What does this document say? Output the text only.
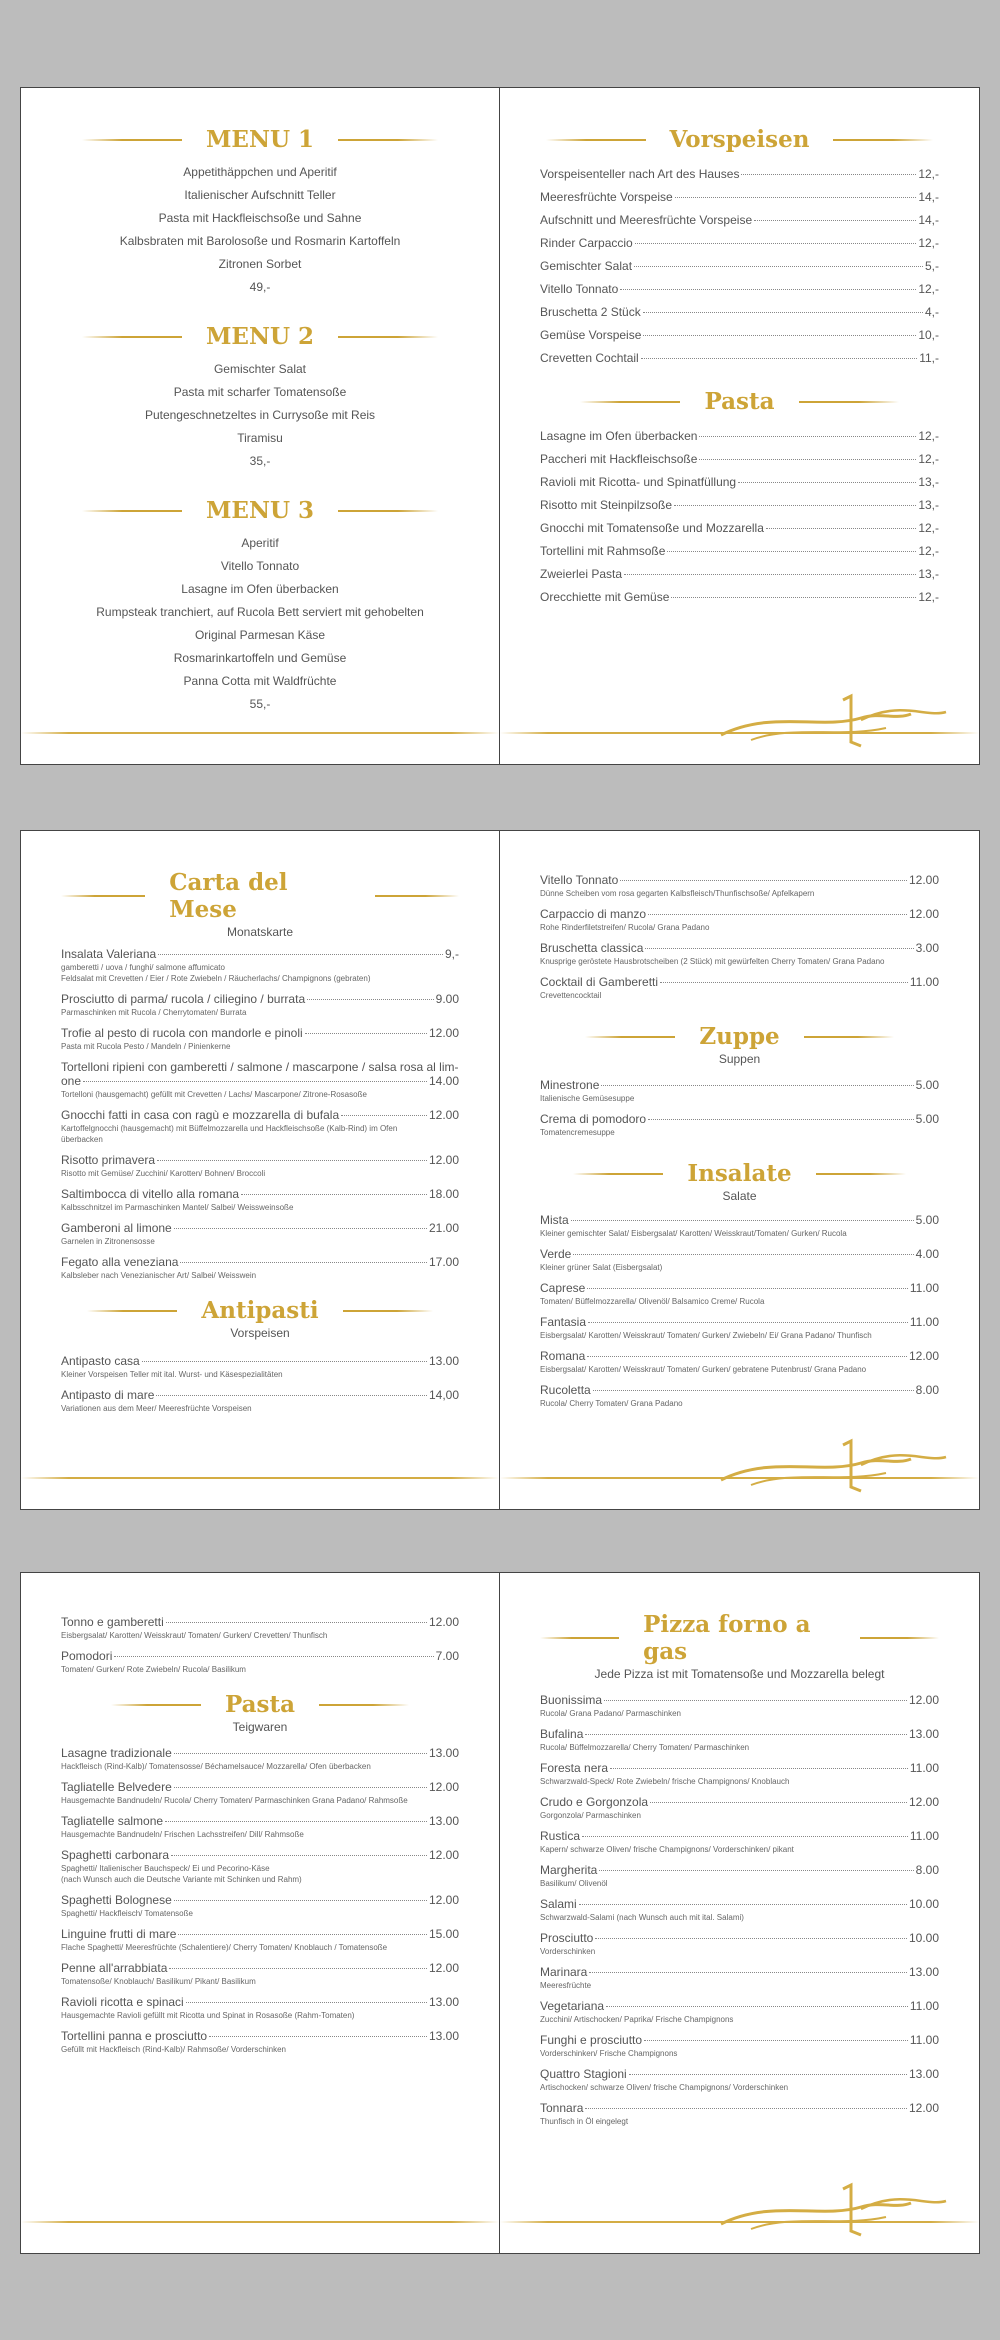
MENU 1
Appetithäppchen und Aperitif
Italienischer Aufschnitt Teller
Pasta mit Hackfleischsoße und Sahne
Kalbsbraten mit Barolosoße und Rosmarin Kartoffeln
Zitronen Sorbet
49,-
MENU 2
Gemischter Salat
Pasta mit scharfer Tomatensoße
Putengeschnetzeltes in Currysoße mit Reis
Tiramisu
35,-
MENU 3
Aperitif
Vitello Tonnato
Lasagne im Ofen überbacken
Rumpsteak tranchiert, auf Rucola Bett serviert mit gehobelten
Original Parmesan Käse
Rosmarinkartoffeln und Gemüse
Panna Cotta mit Waldfrüchte
55,-
Vorspeisen
Vorspeisenteller nach Art des Hauses	12,-
Meeresfrüchte Vorspeise	14,-
Aufschnitt und Meeresfrüchte Vorspeise	14,-
Rinder Carpaccio	12,-
Gemischter Salat	5,-
Vitello Tonnato	12,-
Bruschetta 2 Stück	4,-
Gemüse Vorspeise	10,-
Crevetten Cochtail	11,-
Pasta
Lasagne im Ofen überbacken	12,-
Paccheri mit Hackfleischsoße	12,-
Ravioli mit Ricotta- und Spinatfüllung	13,-
Risotto mit Steinpilzsoße	13,-
Gnocchi mit Tomatensoße und Mozzarella	12,-
Tortellini mit Rahmsoße	12,-
Zweierlei Pasta	13,-
Orecchiette mit Gemüse	12,-
Carta del Mese
Monatskarte
Insalata Valeriana	9,-
gamberetti / uova / funghi/ salmone affumicato
Feldsalat mit Crevetten / Eier / Rote Zwiebeln / Räucherlachs/ Champignons (gebraten)
Prosciutto di parma/ rucola / ciliegino / burrata	9.00
Parmaschinken mit Rucola / Cherrytomaten/ Burrata
Trofie al pesto di rucola con mandorle e pinoli	12.00
Pasta mit Rucola Pesto / Mandeln / Pinienkerne
Tortelloni ripieni con gamberetti / salmone / mascarpone / salsa rosa al lim-
one	14.00
Tortelloni (hausgemacht) gefüllt mit Crevetten / Lachs/ Mascarpone/ Zitrone-Rosasoße
Gnocchi fatti in casa con ragù e mozzarella di bufala	12.00
Kartoffelgnocchi (hausgemacht) mit Büffelmozzarella und Hackfleischsoße (Kalb-Rind) im Ofen
überbacken
Risotto primavera	12.00
Risotto mit Gemüse/ Zucchini/ Karotten/ Bohnen/ Broccoli
Saltimbocca di vitello alla romana	18.00
Kalbsschnitzel im Parmaschinken Mantel/ Salbei/ Weissweinsoße
Gamberoni al limone	21.00
Garnelen in Zitronensosse
Fegato alla veneziana	17.00
Kalbsleber nach Venezianischer Art/ Salbei/ Weisswein
Antipasti
Vorspeisen
Antipasto casa	13.00
Kleiner Vorspeisen Teller mit ital. Wurst- und Käsespezialitäten
Antipasto di mare	14,00
Variationen aus dem Meer/ Meeresfrüchte Vorspeisen
Vitello Tonnato	12.00
Dünne Scheiben vom rosa gegarten Kalbsfleisch/Thunfischsoße/ Apfelkapern
Carpaccio di manzo	12.00
Rohe Rinderfiletstreifen/ Rucola/ Grana Padano
Bruschetta classica	3.00
Knusprige geröstete Hausbrotscheiben (2 Stück) mit gewürfelten Cherry Tomaten/ Grana Padano
Cocktail di Gamberetti	11.00
Crevettencocktail
Zuppe
Suppen
Minestrone	5.00
Italienische Gemüsesuppe
Crema di pomodoro	5.00
Tomatencremesuppe
Insalate
Salate
Mista	5.00
Kleiner gemischter Salat/ Eisbergsalat/ Karotten/ Weisskraut/Tomaten/ Gurken/ Rucola
Verde	4.00
Kleiner grüner Salat (Eisbergsalat)
Caprese	11.00
Tomaten/ Büffelmozzarella/ Olivenöl/ Balsamico Creme/ Rucola
Fantasia	11.00
Eisbergsalat/ Karotten/ Weisskraut/ Tomaten/ Gurken/ Zwiebeln/ Ei/ Grana Padano/ Thunfisch
Romana	12.00
Eisbergsalat/ Karotten/ Weisskraut/ Tomaten/ Gurken/ gebratene Putenbrust/ Grana Padano
Rucoletta	8.00
Rucola/ Cherry Tomaten/ Grana Padano
Tonno e gamberetti	12.00
Eisbergsalat/ Karotten/ Weisskraut/ Tomaten/ Gurken/ Crevetten/ Thunfisch
Pomodori	7.00
Tomaten/ Gurken/ Rote Zwiebeln/ Rucola/ Basilikum
Pasta
Teigwaren
Lasagne tradizionale	13.00
Hackfleisch (Rind-Kalb)/ Tomatensosse/ Béchamelsauce/ Mozzarella/ Ofen überbacken
Tagliatelle Belvedere	12.00
Hausgemachte Bandnudeln/ Rucola/ Cherry Tomaten/ Parmaschinken Grana Padano/ Rahmsoße
Tagliatelle salmone	13.00
Hausgemachte Bandnudeln/ Frischen Lachsstreifen/ Dill/ Rahmsoße
Spaghetti carbonara	12.00
Spaghetti/ Italienischer Bauchspeck/ Ei und Pecorino-Käse
(nach Wunsch auch die Deutsche Variante mit Schinken und Rahm)
Spaghetti Bolognese	12.00
Spaghetti/ Hackfleisch/ Tomatensoße
Linguine frutti di mare	15.00
Flache Spaghetti/ Meeresfrüchte (Schalentiere)/ Cherry Tomaten/ Knoblauch / Tomatensoße
Penne all'arrabbiata	12.00
Tomatensoße/ Knoblauch/ Basilikum/ Pikant/ Basilikum
Ravioli ricotta e spinaci	13.00
Hausgemachte Ravioli gefüllt mit Ricotta und Spinat in Rosasoße (Rahm-Tomaten)
Tortellini panna e prosciutto	13.00
Gefüllt mit Hackfleisch (Rind-Kalb)/ Rahmsoße/ Vorderschinken
Pizza forno a gas
Jede Pizza ist mit Tomatensoße und Mozzarella belegt
Buonissima	12.00
Rucola/ Grana Padano/ Parmaschinken
Bufalina	13.00
Rucola/ Büffelmozzarella/ Cherry Tomaten/ Parmaschinken
Foresta nera	11.00
Schwarzwald-Speck/ Rote Zwiebeln/ frische Champignons/ Knoblauch
Crudo e Gorgonzola	12.00
Gorgonzola/ Parmaschinken
Rustica	11.00
Kapern/ schwarze Oliven/ frische Champignons/ Vorderschinken/ pikant
Margherita	8.00
Basilikum/ Olivenöl
Salami	10.00
Schwarzwald-Salami (nach Wunsch auch mit ital. Salami)
Prosciutto	10.00
Vorderschinken
Marinara	13.00
Meeresfrüchte
Vegetariana	11.00
Zucchini/ Artischocken/ Paprika/ Frische Champignons
Funghi e prosciutto	11.00
Vorderschinken/ Frische Champignons
Quattro Stagioni	13.00
Artischocken/ schwarze Oliven/ frische Champignons/ Vorderschinken
Tonnara	12.00
Thunfisch in Öl eingelegt
